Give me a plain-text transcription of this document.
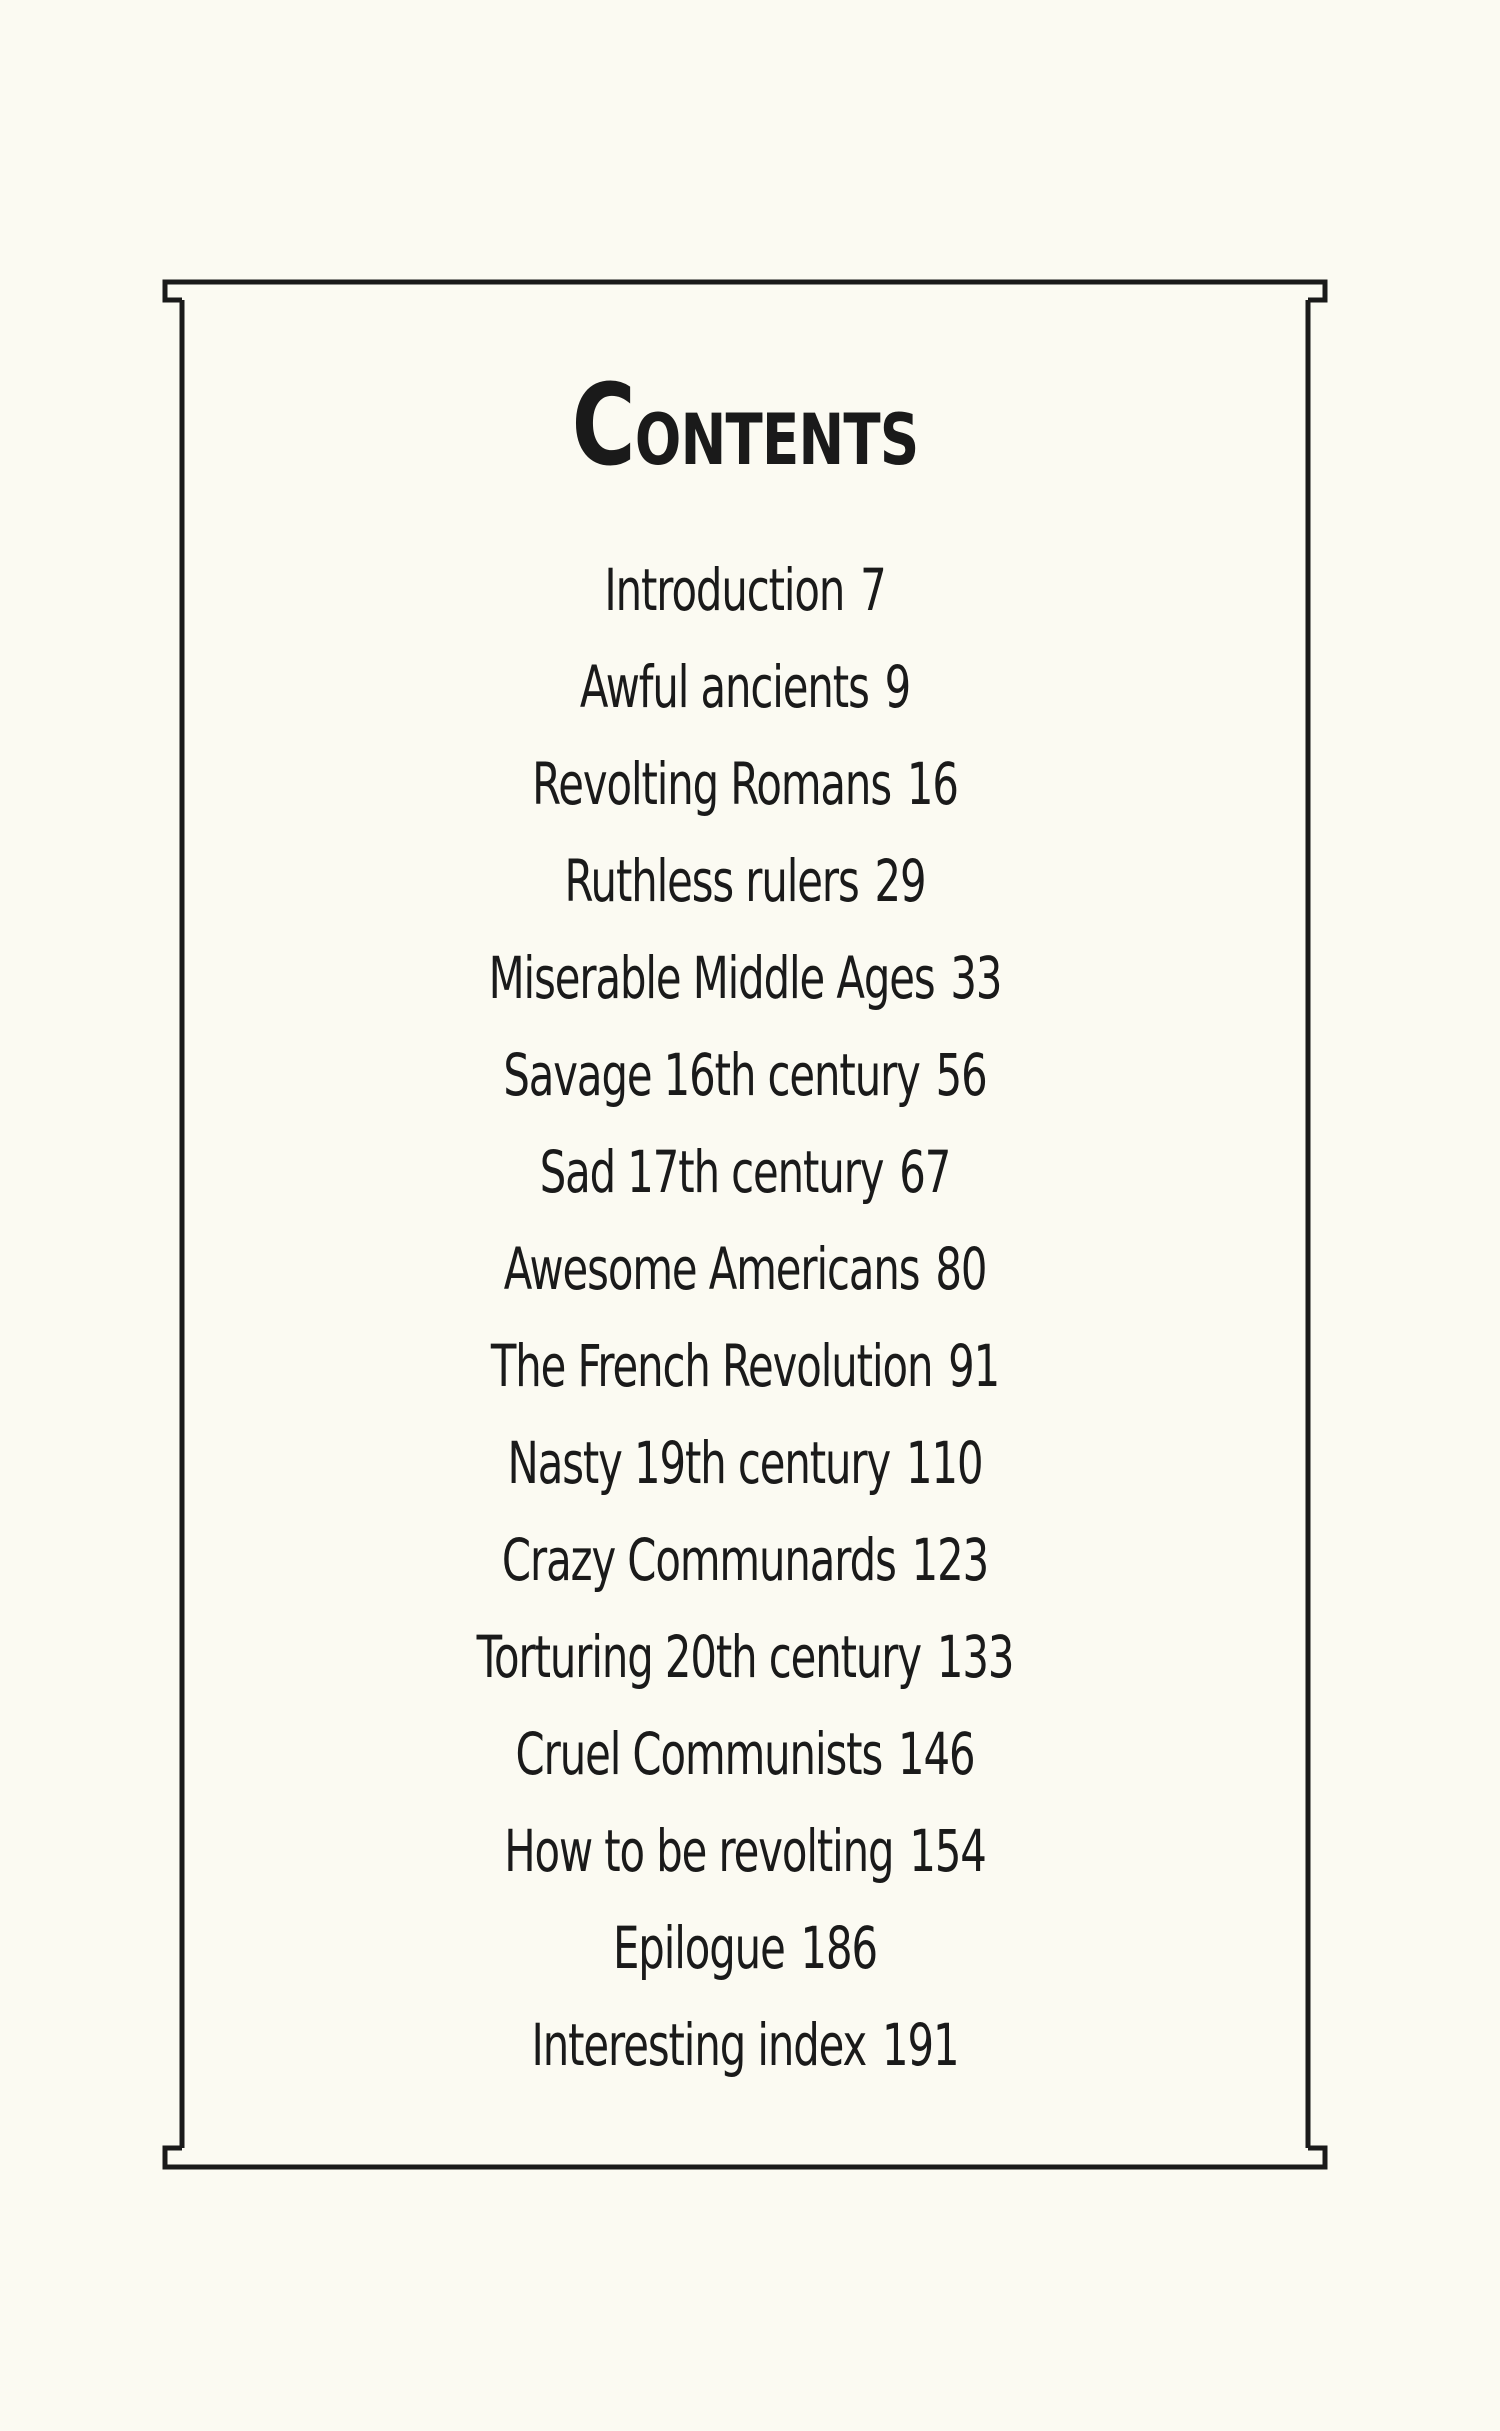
CONTENTS
Introduction 7
Awful ancients 9
Revolting Romans 16
Ruthless rulers 29
Miserable Middle Ages 33
Savage 16th century 56
Sad 17th century 67
Awesome Americans 80
The French Revolution 91
Nasty 19th century 110
Crazy Communards 123
Torturing 20th century 133
Cruel Communists 146
How to be revolting 154
Epilogue 186
Interesting index 191
